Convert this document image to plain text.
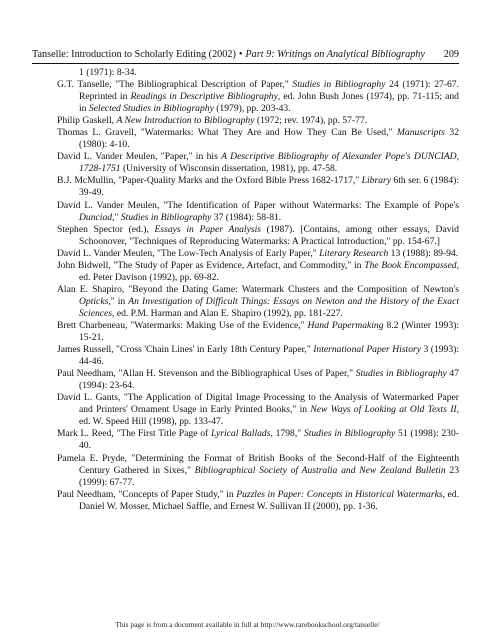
Tanselle: Introduction to Scholarly Editing (2002) • Part 9: Writings on Analytical Bibliography 209
1 (1971): 8-34.
G.T. Tanselle, "The Bibliographical Description of Paper," Studies in Bibliography 24 (1971): 27-67. Reprinted in Readings in Descriptive Bibliography, ed. John Bush Jones (1974), pp. 71-115; and in Selected Studies in Bibliography (1979), pp. 203-43.
Philip Gaskell, A New Introduction to Bibliography (1972; rev. 1974), pp. 57-77.
Thomas L. Gravell, "Watermarks: What They Are and How They Can Be Used," Manuscripts 32 (1980): 4-10.
David L. Vander Meulen, "Paper," in his A Descriptive Bibliography of Alexander Pope's DUNCIAD, 1728-1751 (University of Wisconsin dissertation, 1981), pp. 47-58.
B.J. McMullin, "Paper-Quality Marks and the Oxford Bible Press 1682-1717," Library 6th ser. 6 (1984): 39-49.
David L. Vander Meulen, "The Identification of Paper without Watermarks: The Example of Pope's Dunciad," Studies in Bibliography 37 (1984): 58-81.
Stephen Spector (ed.), Essays in Paper Analysis (1987). [Contains, among other essays, David Schoonover, "Techniques of Reproducing Watermarks: A Practical Introduction," pp. 154-67.]
David L. Vander Meulen, "The Low-Tech Analysis of Early Paper," Literary Research 13 (1988): 89-94.
John Bidwell, "The Study of Paper as Evidence, Artefact, and Commodity," in The Book Encompassed, ed. Peter Davison (1992), pp. 69-82.
Alan E. Shapiro, "Beyond the Dating Game: Watermark Clusters and the Composition of Newton's Opticks," in An Investigation of Difficult Things: Essays on Newton and the History of the Exact Sciences, ed. P.M. Harman and Alan E. Shapiro (1992), pp. 181-227.
Brett Charbeneau, "Watermarks: Making Use of the Evidence," Hand Papermaking 8.2 (Winter 1993): 15-21.
James Russell, "Cross 'Chain Lines' in Early 18th Century Paper," International Paper History 3 (1993): 44-46.
Paul Needham, "Allan H. Stevenson and the Bibliographical Uses of Paper," Studies in Bibliography 47 (1994): 23-64.
David L. Gants, "The Application of Digital Image Processing to the Analysis of Watermarked Paper and Printers' Ornament Usage in Early Printed Books," in New Ways of Looking at Old Texts II, ed. W. Speed Hill (1998), pp. 133-47.
Mark L. Reed, "The First Title Page of Lyrical Ballads, 1798," Studies in Bibliography 51 (1998): 230-40.
Pamela E. Pryde, "Determining the Format of British Books of the Second-Half of the Eighteenth Century Gathered in Sixes," Bibliographical Society of Australia and New Zealand Bulletin 23 (1999): 67-77.
Paul Needham, "Concepts of Paper Study," in Puzzles in Paper: Concepts in Historical Watermarks, ed. Daniel W. Mosser, Michael Saffle, and Ernest W. Sullivan II (2000), pp. 1-36.
This page is from a document available in full at http://www.rarebookschool.org/tanselle/
